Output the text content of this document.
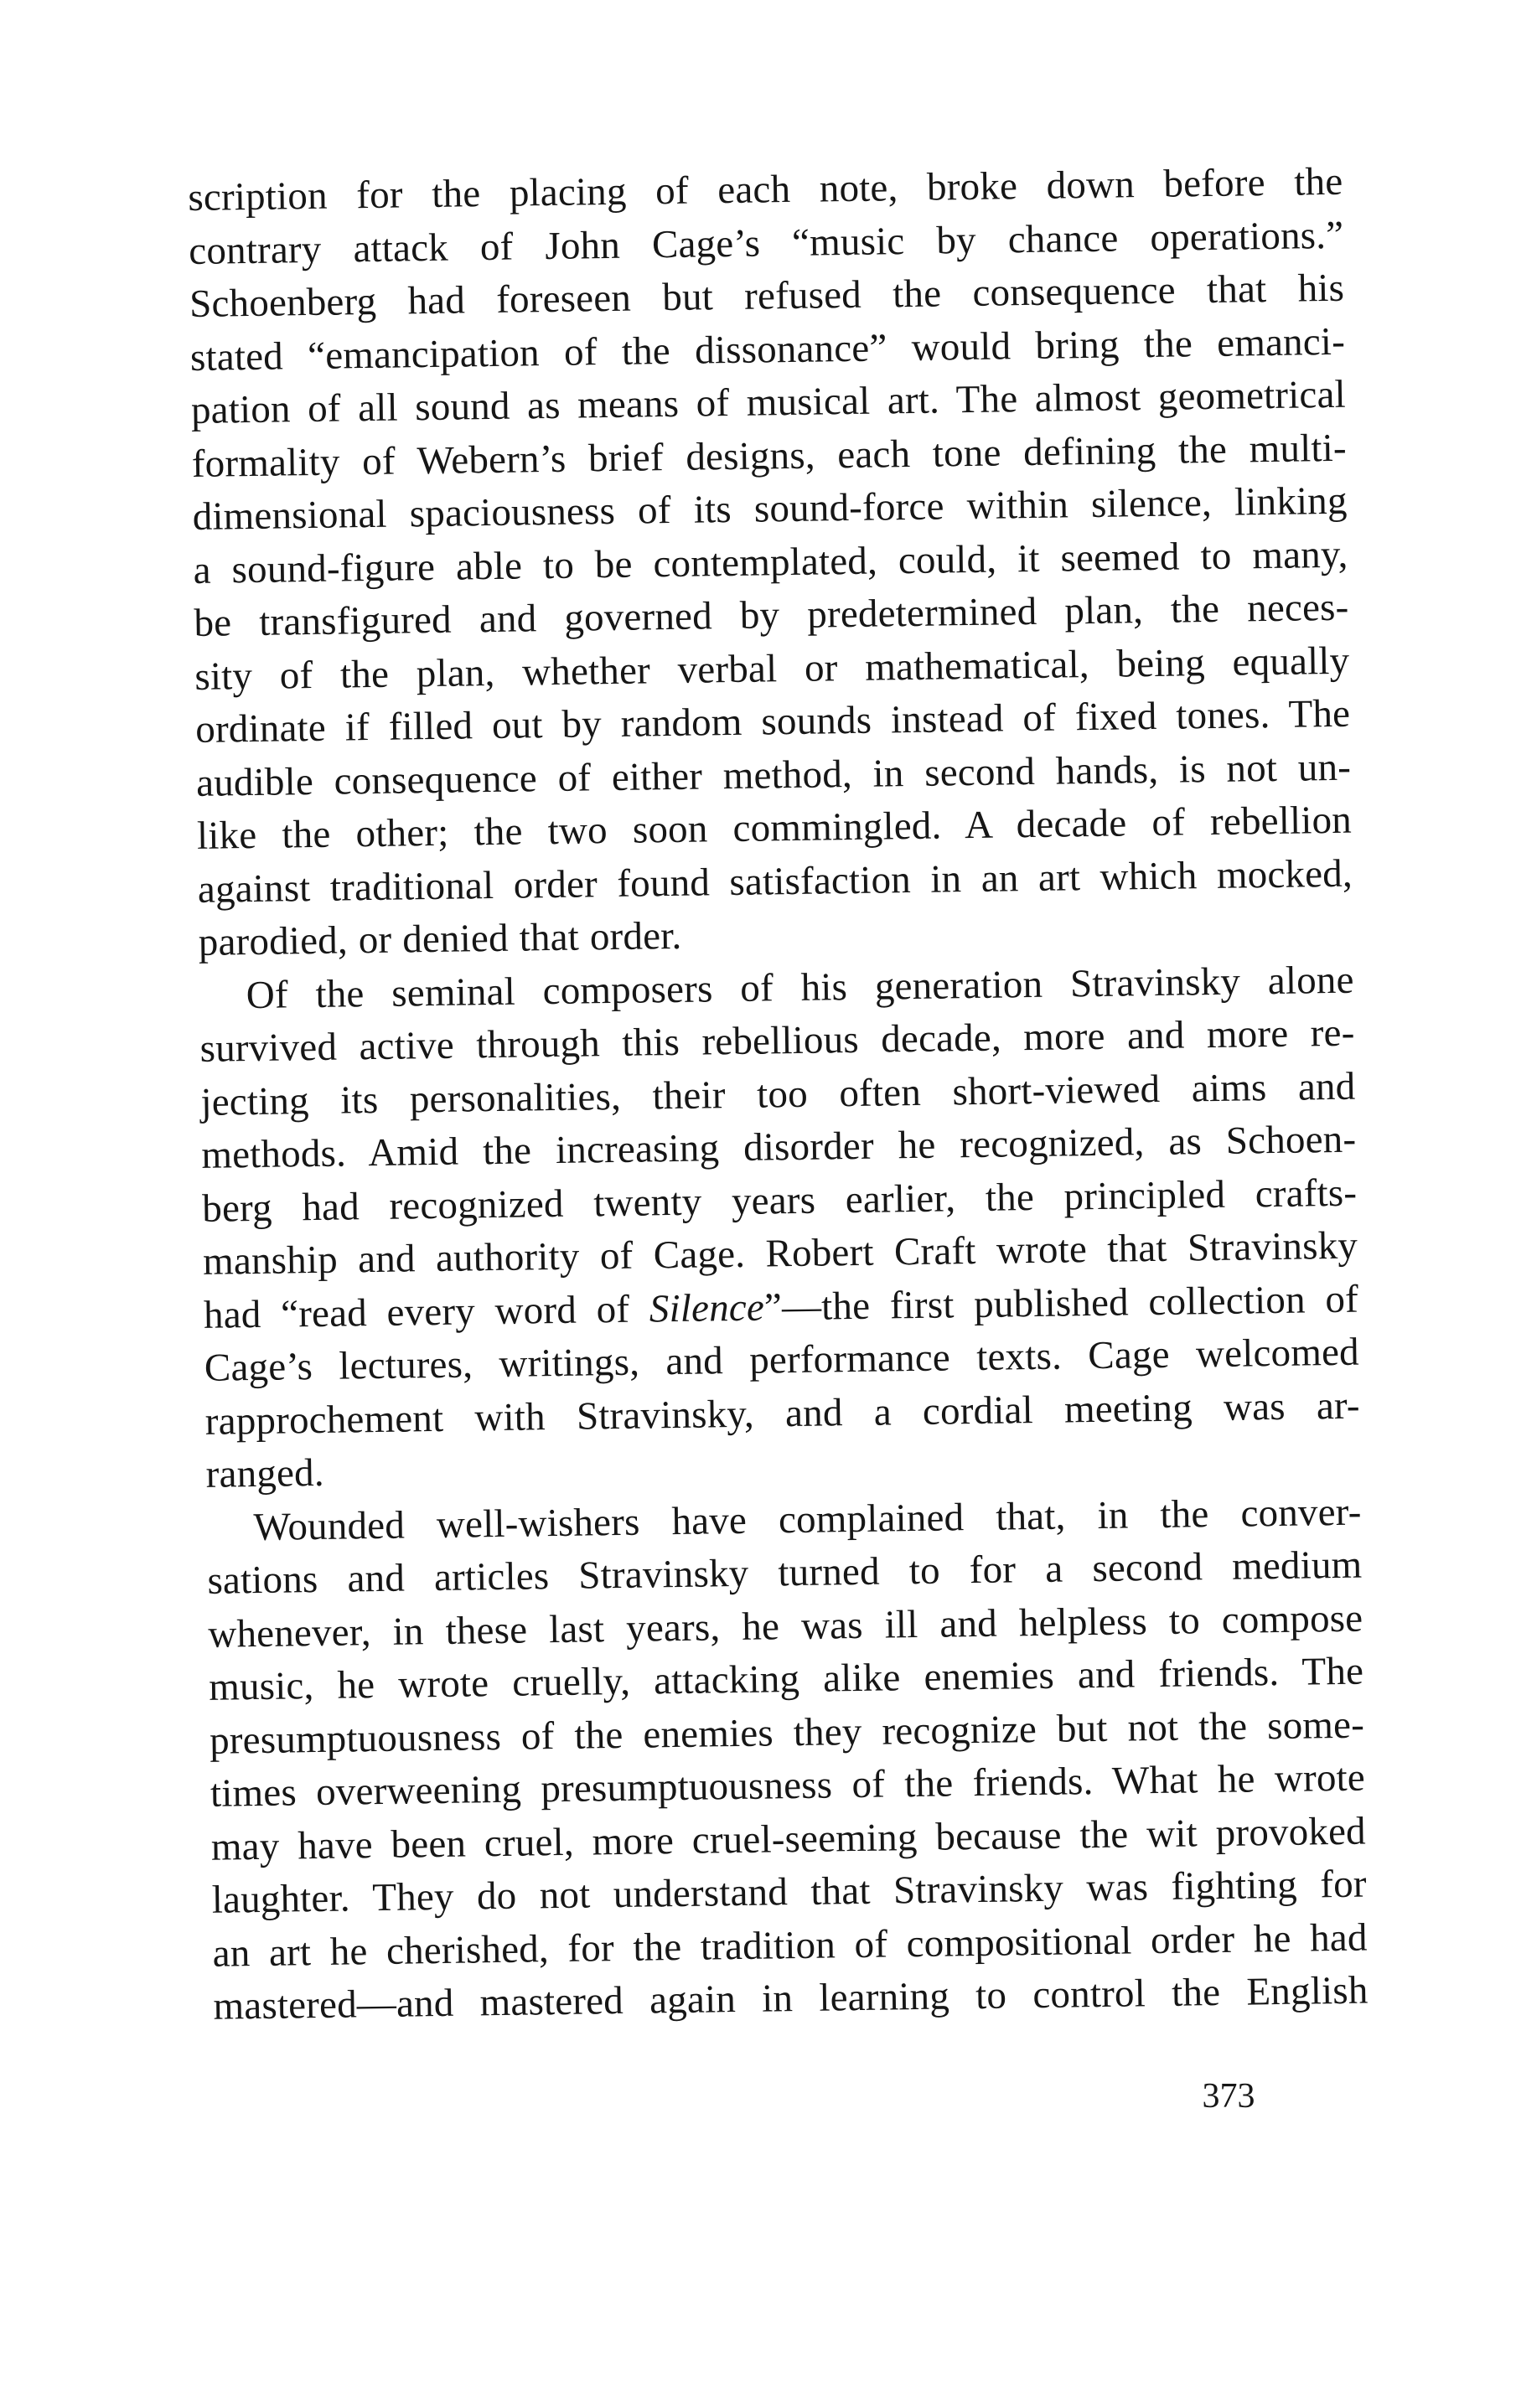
scription for the placing of each note, broke down before the
contrary attack of John Cage’s “music by chance operations.”
Schoenberg had foreseen but refused the consequence that his
stated “emancipation of the dissonance” would bring the emanci-
pation of all sound as means of musical art. The almost geometrical
formality of Webern’s brief designs, each tone defining the multi-
dimensional spaciousness of its sound-force within silence, linking
a sound-figure able to be contemplated, could, it seemed to many,
be transfigured and governed by predetermined plan, the neces-
sity of the plan, whether verbal or mathematical, being equally
ordinate if filled out by random sounds instead of fixed tones. The
audible consequence of either method, in second hands, is not un-
like the other; the two soon commingled. A decade of rebellion
against traditional order found satisfaction in an art which mocked,
parodied, or denied that order.
Of the seminal composers of his generation Stravinsky alone
survived active through this rebellious decade, more and more re-
jecting its personalities, their too often short-viewed aims and
methods. Amid the increasing disorder he recognized, as Schoen-
berg had recognized twenty years earlier, the principled crafts-
manship and authority of Cage. Robert Craft wrote that Stravinsky
had “read every word of Silence”—the first published collection of
Cage’s lectures, writings, and performance texts. Cage welcomed
rapprochement with Stravinsky, and a cordial meeting was ar-
ranged.
Wounded well-wishers have complained that, in the conver-
sations and articles Stravinsky turned to for a second medium
whenever, in these last years, he was ill and helpless to compose
music, he wrote cruelly, attacking alike enemies and friends. The
presumptuousness of the enemies they recognize but not the some-
times overweening presumptuousness of the friends. What he wrote
may have been cruel, more cruel-seeming because the wit provoked
laughter. They do not understand that Stravinsky was fighting for
an art he cherished, for the tradition of compositional order he had
mastered—and mastered again in learning to control the English
373
